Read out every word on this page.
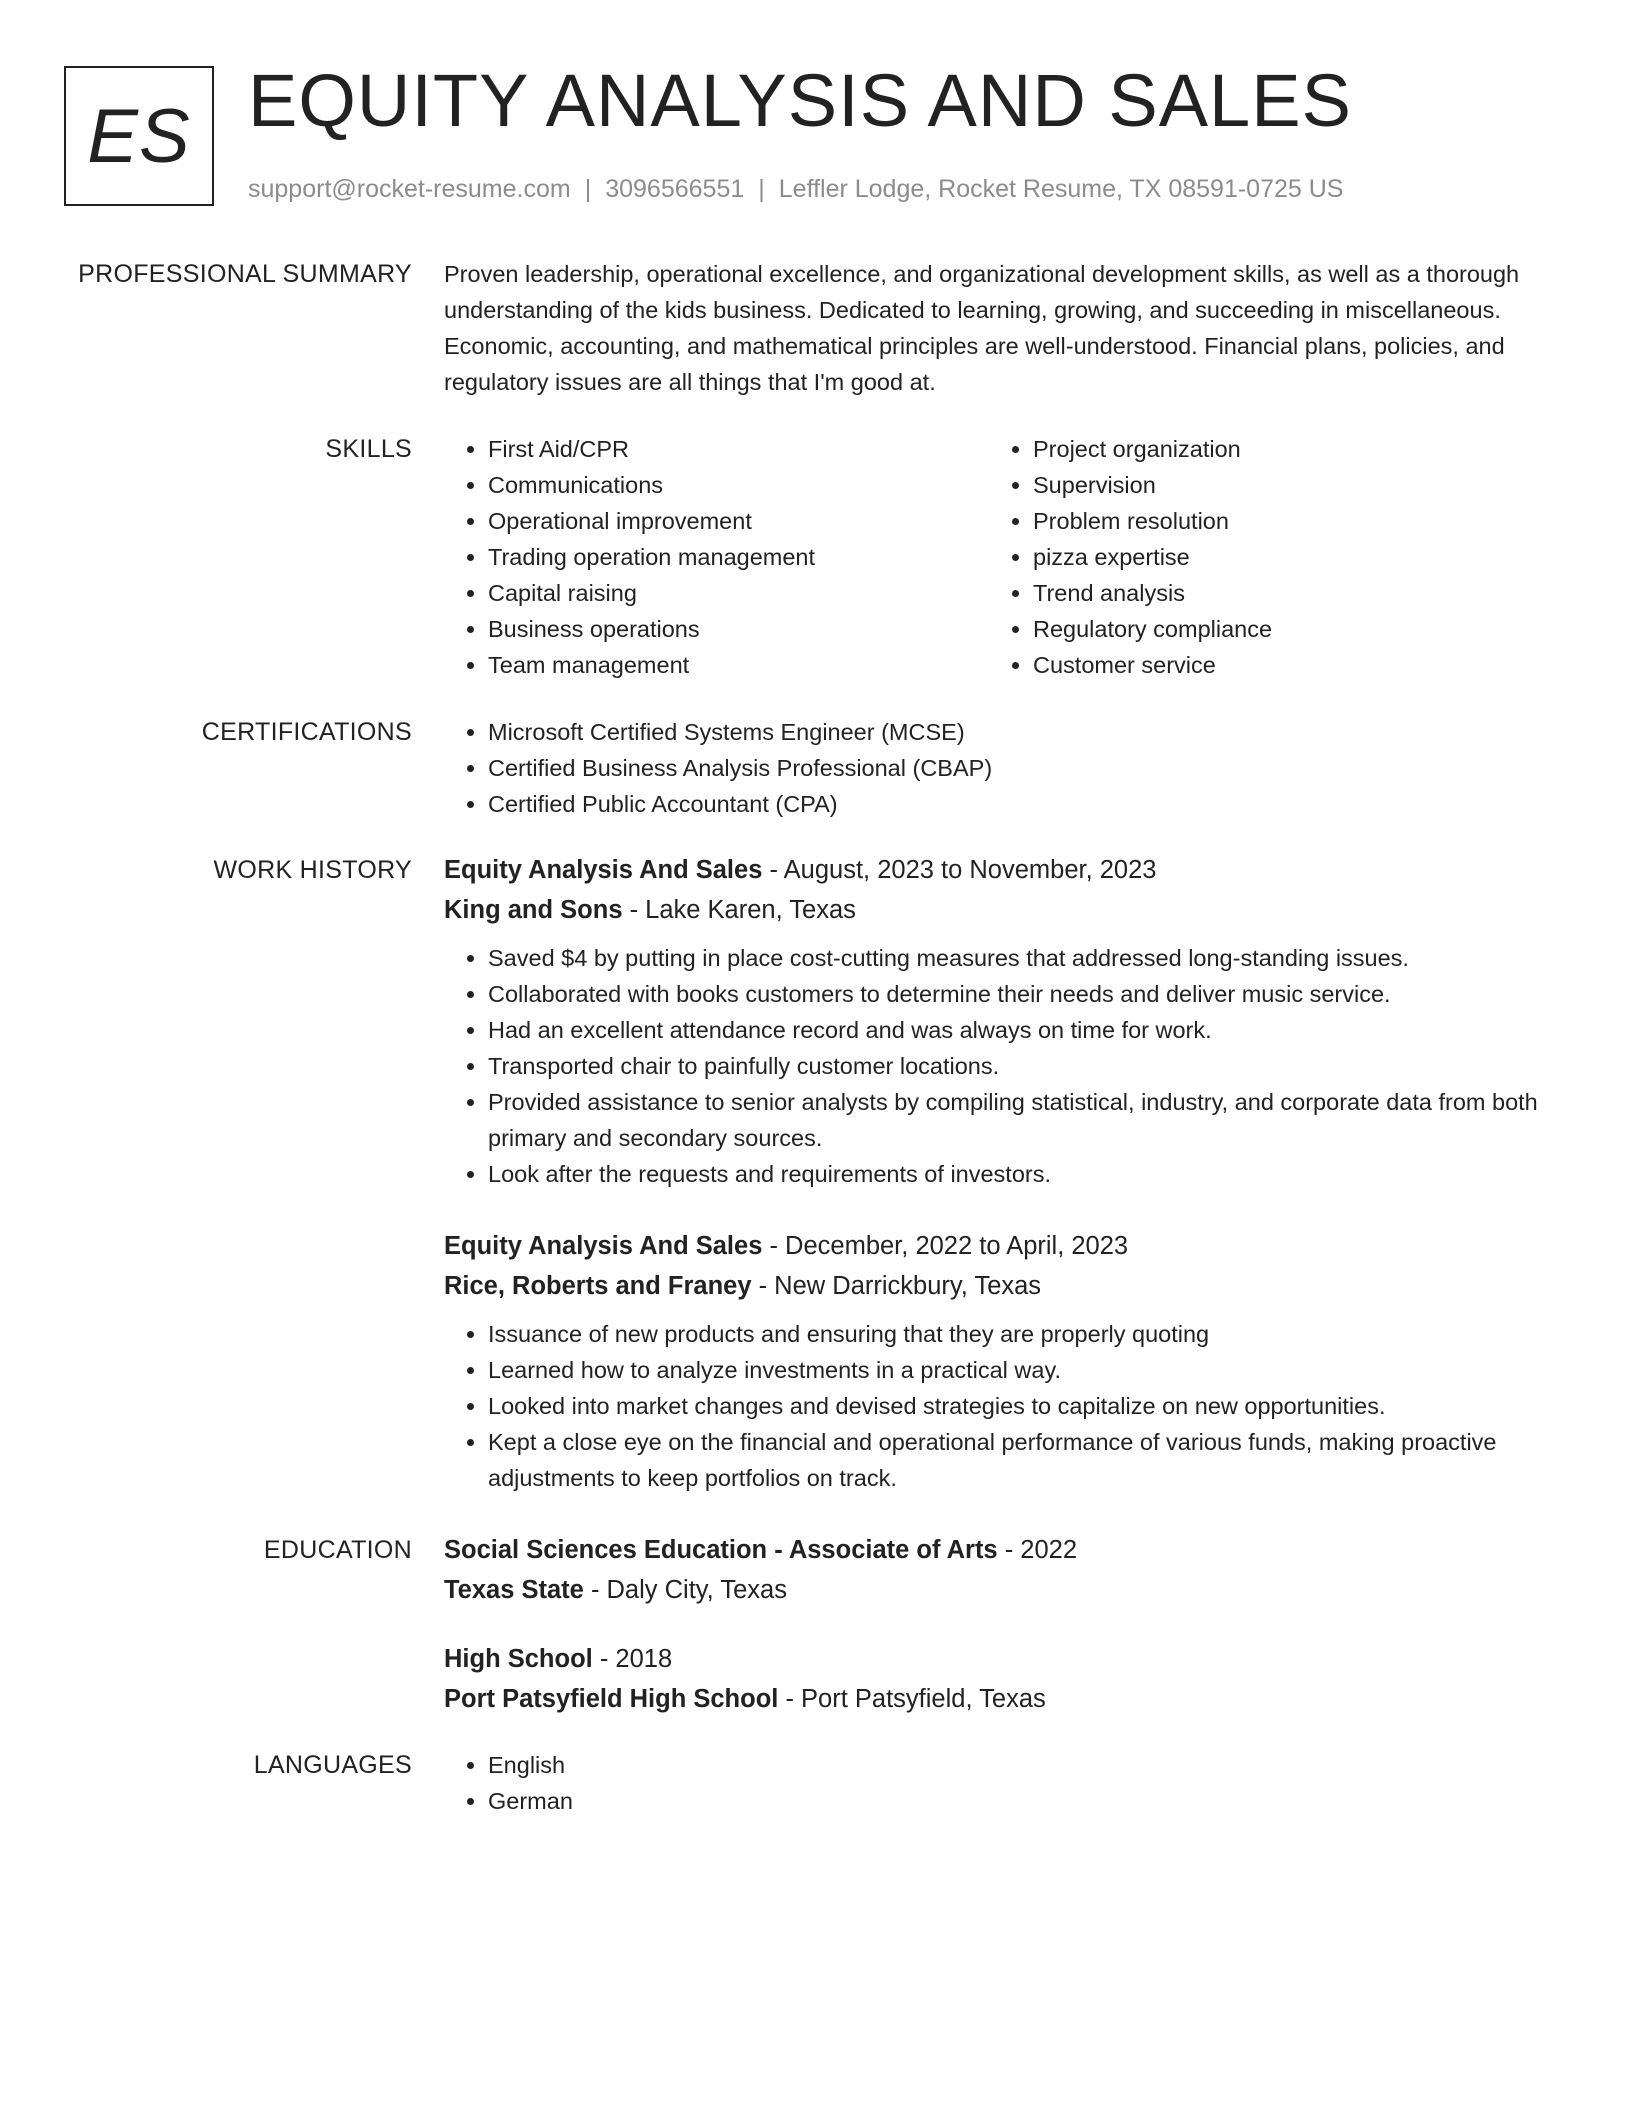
ES EQUITY ANALYSIS AND SALES
support@rocket-resume.com | 3096566551 | Leffler Lodge, Rocket Resume, TX 08591-0725 US
PROFESSIONAL SUMMARY Proven leadership, operational excellence, and organizational development skills, as well as a thorough understanding of the kids business. Dedicated to learning, growing, and succeeding in miscellaneous. Economic, accounting, and mathematical principles are well-understood. Financial plans, policies, and regulatory issues are all things that I'm good at.
SKILLS	• First Aid/CPR
• Communications
• Operational improvement
• Trading operation management
• Capital raising
• Business operations
• Team management
• Project organization
• Supervision
• Problem resolution
• pizza expertise
• Trend analysis
• Regulatory compliance
• Customer service
CERTIFICATIONS	• Microsoft Certified Systems Engineer (MCSE)
• Certified Business Analysis Professional (CBAP)
• Certified Public Accountant (CPA)
WORK HISTORY Equity Analysis And Sales - August, 2023 to November, 2023
King and Sons - Lake Karen, Texas
• Saved $4 by putting in place cost-cutting measures that addressed long-standing issues.
• Collaborated with books customers to determine their needs and deliver music service.
• Had an excellent attendance record and was always on time for work.
• Transported chair to painfully customer locations.
• Provided assistance to senior analysts by compiling statistical, industry, and corporate data from both primary and secondary sources.
• Look after the requests and requirements of investors.
Equity Analysis And Sales - December, 2022 to April, 2023
Rice, Roberts and Franey - New Darrickbury, Texas
• Issuance of new products and ensuring that they are properly quoting
• Learned how to analyze investments in a practical way.
• Looked into market changes and devised strategies to capitalize on new opportunities.
• Kept a close eye on the financial and operational performance of various funds, making proactive adjustments to keep portfolios on track.
EDUCATION Social Sciences Education - Associate of Arts - 2022
Texas State - Daly City, Texas
High School - 2018
Port Patsyfield High School - Port Patsyfield, Texas
LANGUAGES	• English
• German
